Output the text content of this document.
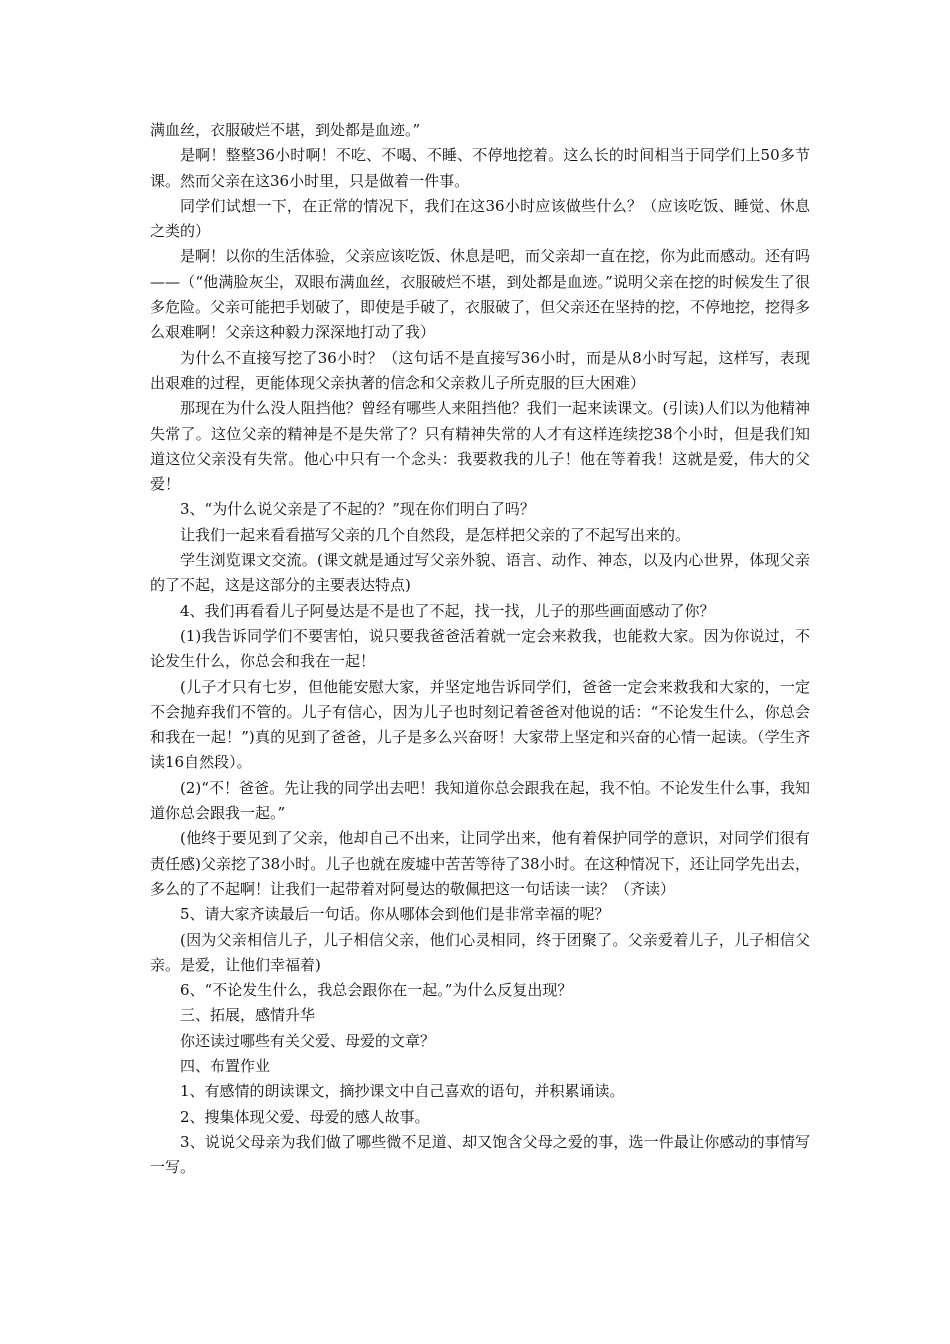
满血丝，衣服破烂不堪，到处都是血迹。”

是啊！整整36小时啊！不吃、不喝、不睡、不停地挖着。这么长的时间相当于同学们上50多节课。然而父亲在这36小时里，只是做着一件事。

同学们试想一下，在正常的情况下，我们在这36小时应该做些什么？（应该吃饭、睡觉、休息之类的）

是啊！以你的生活体验，父亲应该吃饭、休息是吧，而父亲却一直在挖，你为此而感动。还有吗——（“他满脸灰尘，双眼布满血丝，衣服破烂不堪，到处都是血迹。”说明父亲在挖的时候发生了很多危险。父亲可能把手划破了，即使是手破了，衣服破了，但父亲还在坚持的挖，不停地挖，挖得多么艰难啊！父亲这种毅力深深地打动了我）

为什么不直接写挖了36小时？（这句话不是直接写36小时，而是从8小时写起，这样写，表现出艰难的过程，更能体现父亲执著的信念和父亲救儿子所克服的巨大困难）

那现在为什么没人阻挡他？曾经有哪些人来阻挡他？我们一起来读课文。(引读)人们以为他精神失常了。这位父亲的精神是不是失常了？只有精神失常的人才有这样连续挖38个小时，但是我们知道这位父亲没有失常。他心中只有一个念头：我要救我的儿子！他在等着我！这就是爱，伟大的父爱！

3、“为什么说父亲是了不起的？”现在你们明白了吗？

让我们一起来看看描写父亲的几个自然段，是怎样把父亲的了不起写出来的。

学生浏览课文交流。(课文就是通过写父亲外貌、语言、动作、神态，以及内心世界，体现父亲的了不起，这是这部分的主要表达特点)

4、我们再看看儿子阿曼达是不是也了不起，找一找，儿子的那些画面感动了你？

(1)我告诉同学们不要害怕，说只要我爸爸活着就一定会来救我，也能救大家。因为你说过，不论发生什么，你总会和我在一起！

(儿子才只有七岁，但他能安慰大家，并坚定地告诉同学们，爸爸一定会来救我和大家的，一定不会抛弃我们不管的。儿子有信心，因为儿子也时刻记着爸爸对他说的话：“不论发生什么，你总会和我在一起！”)真的见到了爸爸，儿子是多么兴奋呀！大家带上坚定和兴奋的心情一起读。（学生齐读16自然段）。

(2)“不！爸爸。先让我的同学出去吧！我知道你总会跟我在起，我不怕。不论发生什么事，我知道你总会跟我一起。”

(他终于要见到了父亲，他却自己不出来，让同学出来，他有着保护同学的意识，对同学们很有责任感)父亲挖了38小时。儿子也就在废墟中苦苦等待了38小时。在这种情况下，还让同学先出去，多么的了不起啊！让我们一起带着对阿曼达的敬佩把这一句话读一读？（齐读）

5、请大家齐读最后一句话。你从哪体会到他们是非常幸福的呢？

(因为父亲相信儿子，儿子相信父亲，他们心灵相同，终于团聚了。父亲爱着儿子，儿子相信父亲。是爱，让他们幸福着)

6、“不论发生什么，我总会跟你在一起。”为什么反复出现？

三、拓展，感情升华

你还读过哪些有关父爱、母爱的文章？

四、布置作业

1、有感情的朗读课文，摘抄课文中自己喜欢的语句，并积累诵读。

2、搜集体现父爱、母爱的感人故事。

3、说说父母亲为我们做了哪些微不足道、却又饱含父母之爱的事，选一件最让你感动的事情写一写。
